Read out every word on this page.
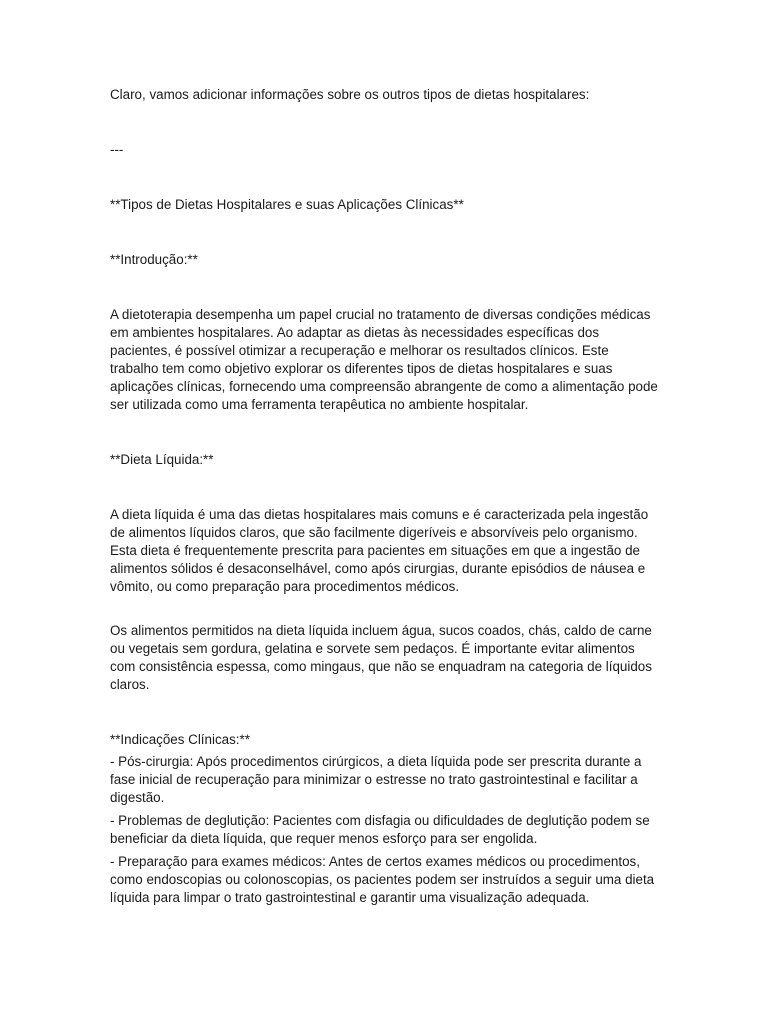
Claro, vamos adicionar informações sobre os outros tipos de dietas hospitalares:

---

**Tipos de Dietas Hospitalares e suas Aplicações Clínicas**

**Introdução:**

A dietoterapia desempenha um papel crucial no tratamento de diversas condições médicas em ambientes hospitalares. Ao adaptar as dietas às necessidades específicas dos pacientes, é possível otimizar a recuperação e melhorar os resultados clínicos. Este trabalho tem como objetivo explorar os diferentes tipos de dietas hospitalares e suas aplicações clínicas, fornecendo uma compreensão abrangente de como a alimentação pode ser utilizada como uma ferramenta terapêutica no ambiente hospitalar.

**Dieta Líquida:**

A dieta líquida é uma das dietas hospitalares mais comuns e é caracterizada pela ingestão de alimentos líquidos claros, que são facilmente digeríveis e absorvíveis pelo organismo. Esta dieta é frequentemente prescrita para pacientes em situações em que a ingestão de alimentos sólidos é desaconselhável, como após cirurgias, durante episódios de náusea e vômito, ou como preparação para procedimentos médicos.

Os alimentos permitidos na dieta líquida incluem água, sucos coados, chás, caldo de carne ou vegetais sem gordura, gelatina e sorvete sem pedaços. É importante evitar alimentos com consistência espessa, como mingaus, que não se enquadram na categoria de líquidos claros.

**Indicações Clínicas:**

- Pós-cirurgia: Após procedimentos cirúrgicos, a dieta líquida pode ser prescrita durante a fase inicial de recuperação para minimizar o estresse no trato gastrointestinal e facilitar a digestão.

- Problemas de deglutição: Pacientes com disfagia ou dificuldades de deglutição podem se beneficiar da dieta líquida, que requer menos esforço para ser engolida.

- Preparação para exames médicos: Antes de certos exames médicos ou procedimentos, como endoscopias ou colonoscopias, os pacientes podem ser instruídos a seguir uma dieta líquida para limpar o trato gastrointestinal e garantir uma visualização adequada.
